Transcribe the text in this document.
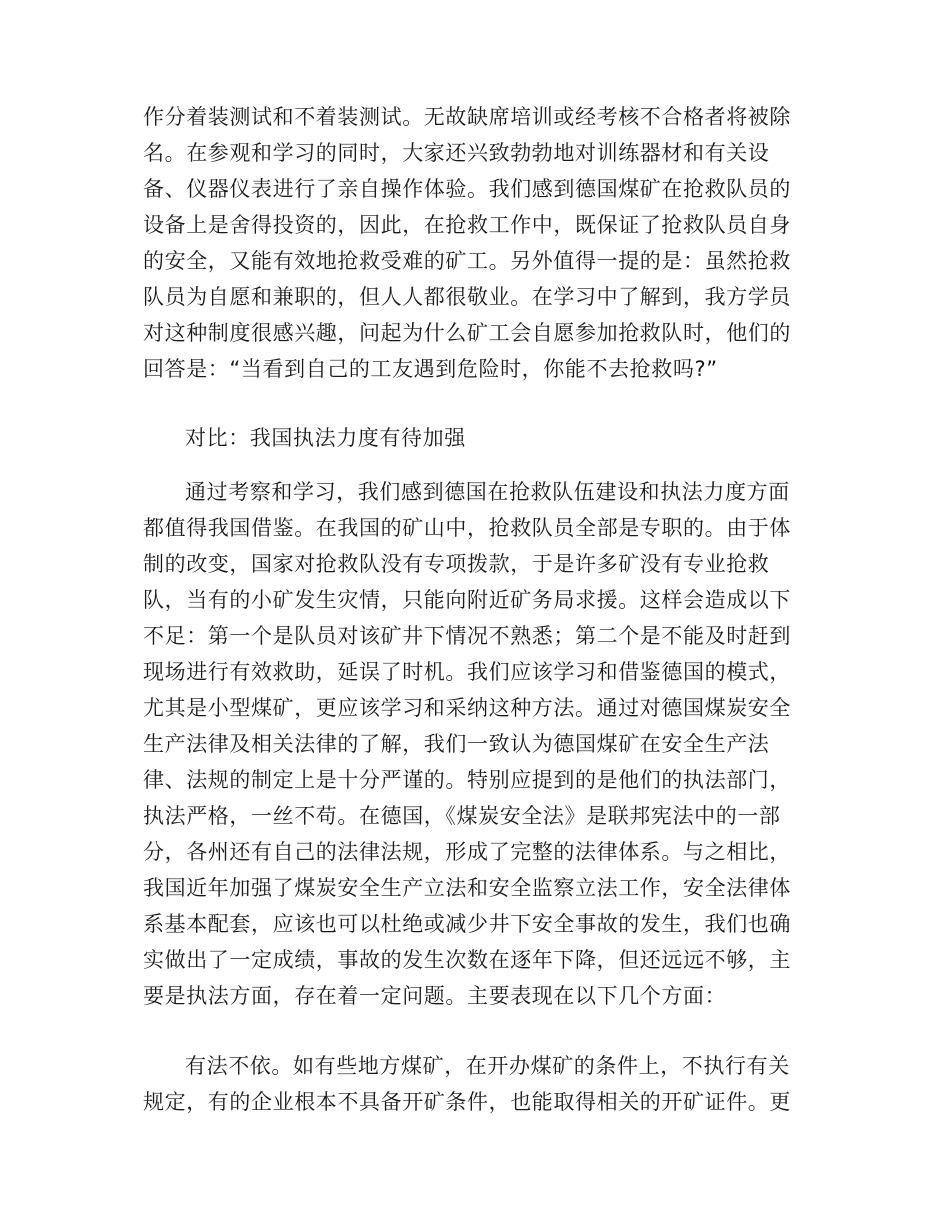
作分着装测试和不着装测试。无故缺席培训或经考核不合格者将被除
名。在参观和学习的同时，大家还兴致勃勃地对训练器材和有关设
备、仪器仪表进行了亲自操作体验。我们感到德国煤矿在抢救队员的
设备上是舍得投资的，因此，在抢救工作中，既保证了抢救队员自身
的安全，又能有效地抢救受难的矿工。另外值得一提的是：虽然抢救
队员为自愿和兼职的，但人人都很敬业。在学习中了解到，我方学员
对这种制度很感兴趣，问起为什么矿工会自愿参加抢救队时，他们的
回答是：“当看到自己的工友遇到危险时，你能不去抢救吗?”
对比：我国执法力度有待加强
通过考察和学习，我们感到德国在抢救队伍建设和执法力度方面
都值得我国借鉴。在我国的矿山中，抢救队员全部是专职的。由于体
制的改变，国家对抢救队没有专项拨款，于是许多矿没有专业抢救
队，当有的小矿发生灾情，只能向附近矿务局求援。这样会造成以下
不足：第一个是队员对该矿井下情况不熟悉；第二个是不能及时赶到
现场进行有效救助，延误了时机。我们应该学习和借鉴德国的模式，
尤其是小型煤矿，更应该学习和采纳这种方法。通过对德国煤炭安全
生产法律及相关法律的了解，我们一致认为德国煤矿在安全生产法
律、法规的制定上是十分严谨的。特别应提到的是他们的执法部门，
执法严格，一丝不苟。在德国，《煤炭安全法》是联邦宪法中的一部
分，各州还有自己的法律法规，形成了完整的法律体系。与之相比，
我国近年加强了煤炭安全生产立法和安全监察立法工作，安全法律体
系基本配套，应该也可以杜绝或减少井下安全事故的发生，我们也确
实做出了一定成绩，事故的发生次数在逐年下降，但还远远不够，主
要是执法方面，存在着一定问题。主要表现在以下几个方面：
有法不依。如有些地方煤矿，在开办煤矿的条件上，不执行有关
规定，有的企业根本不具备开矿条件，也能取得相关的开矿证件。更
